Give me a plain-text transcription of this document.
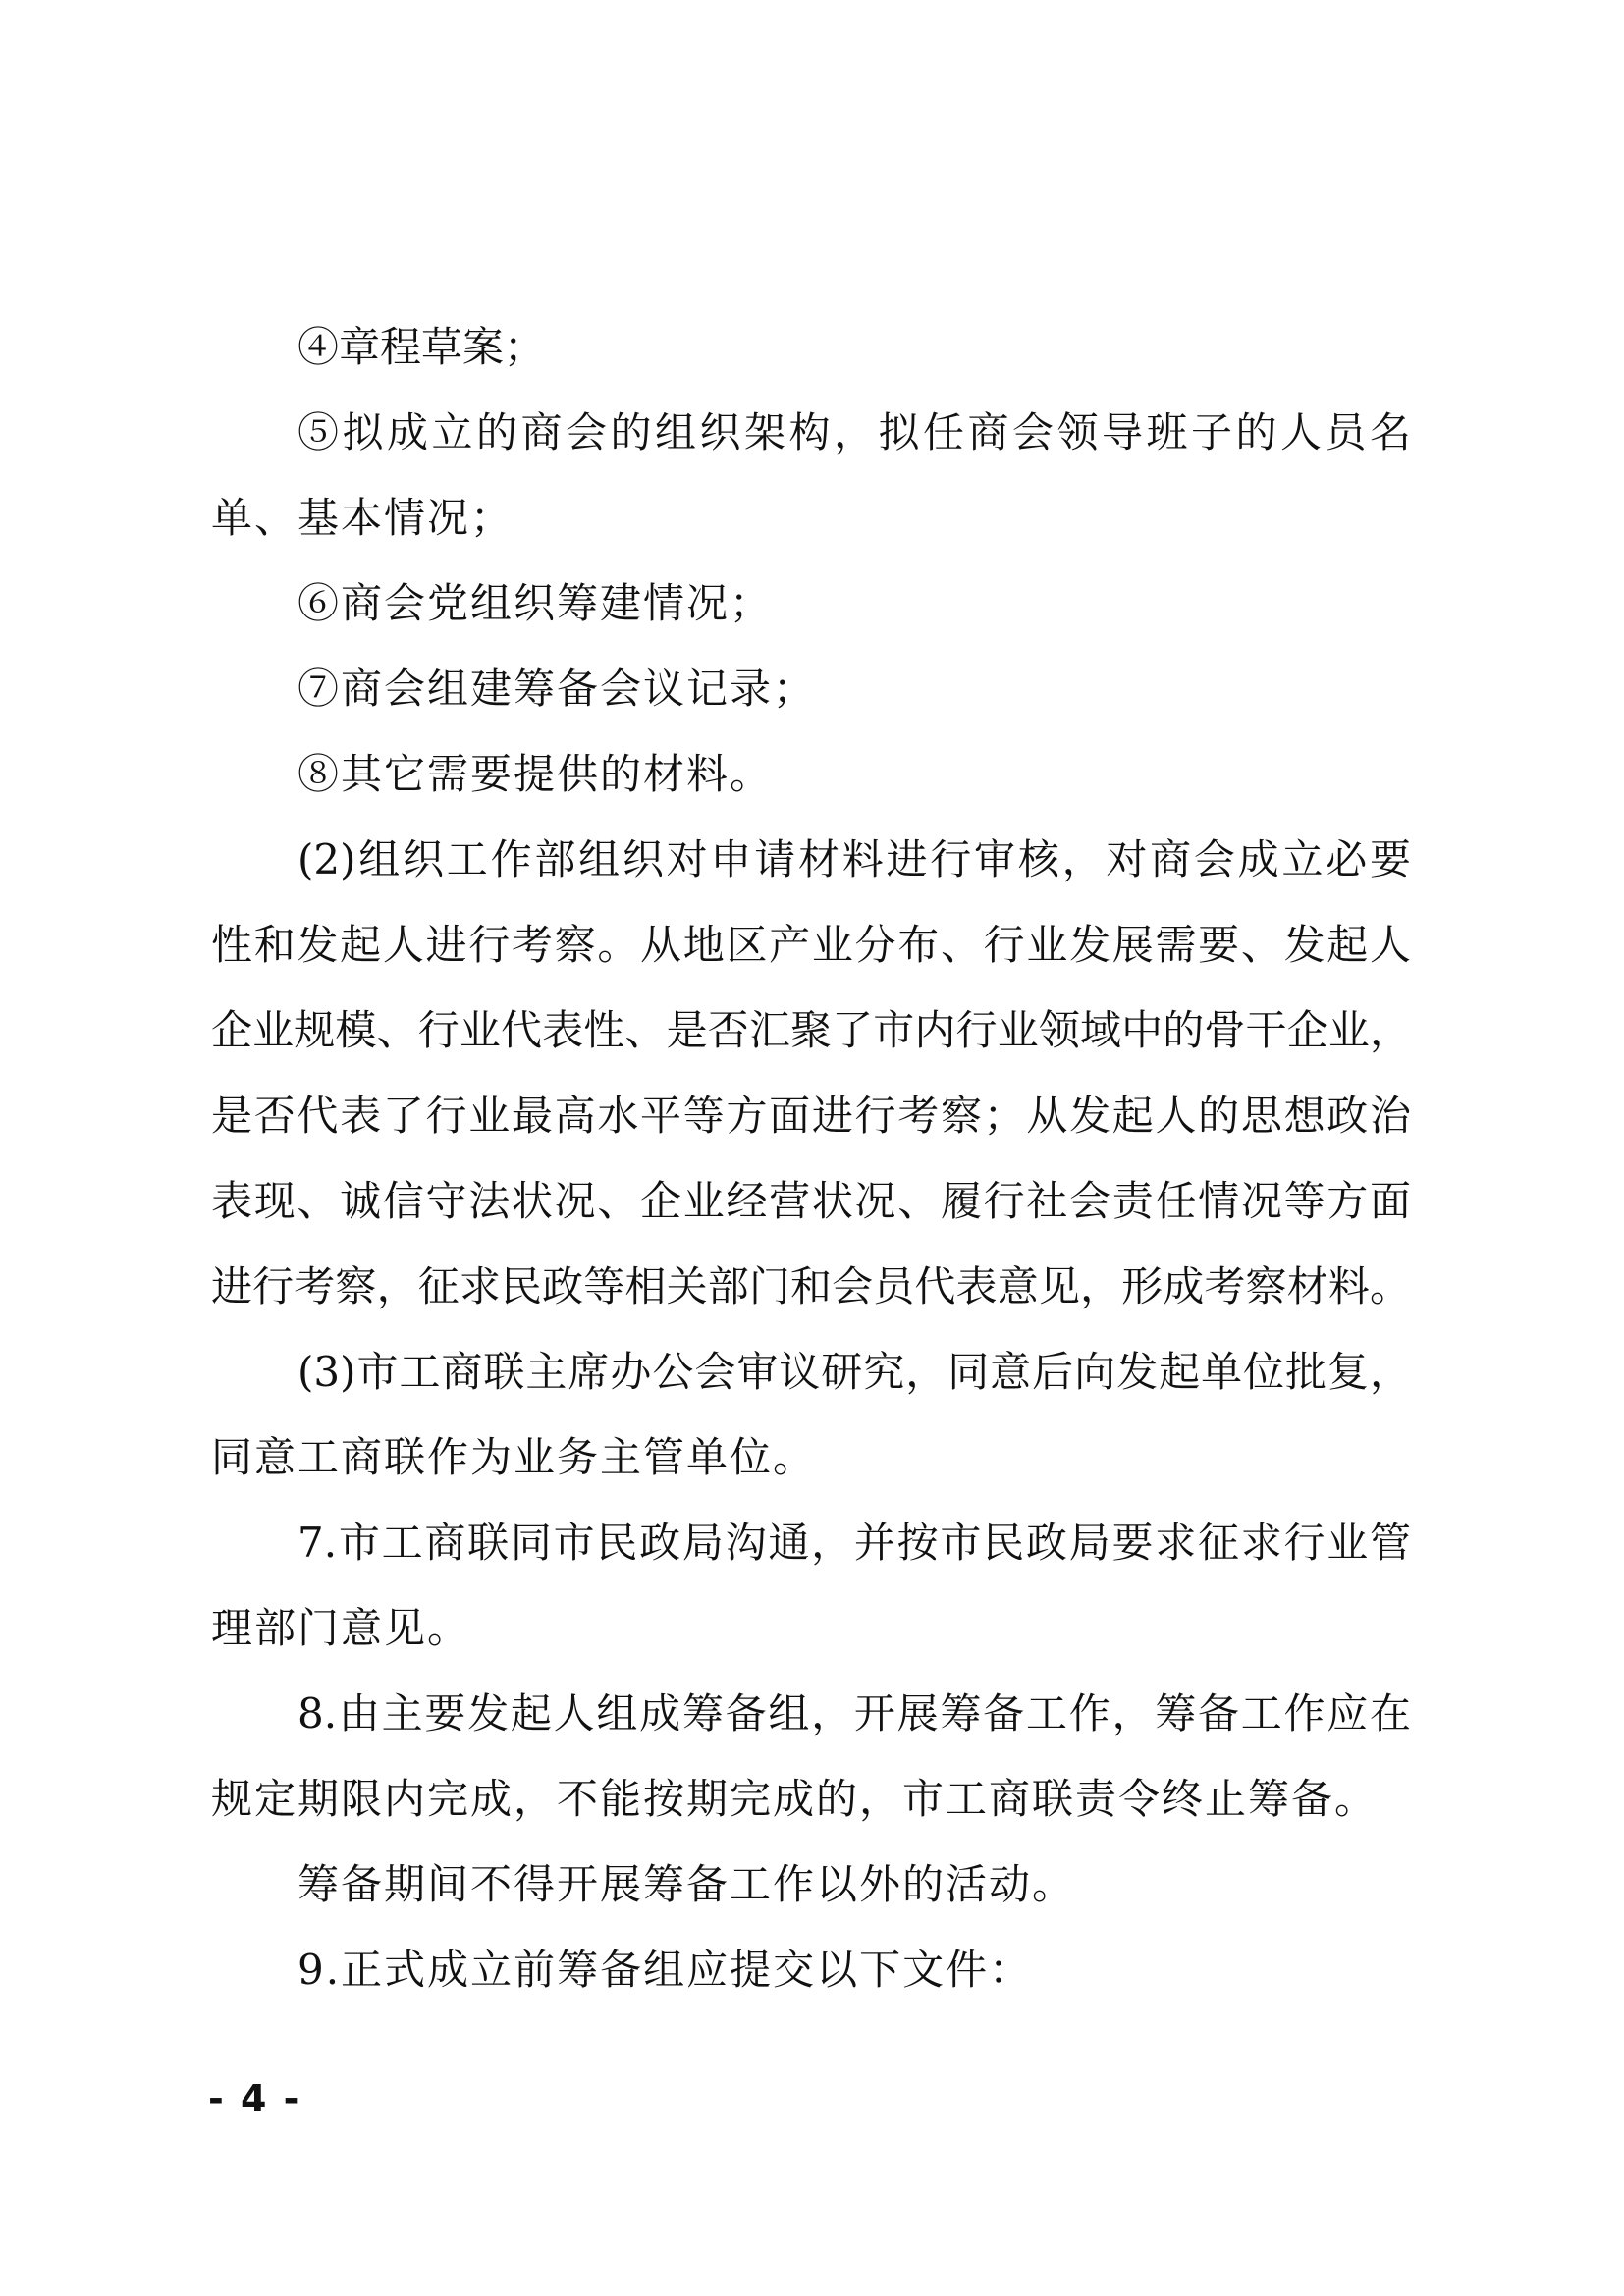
④章程草案；
⑤拟成立的商会的组织架构，拟任商会领导班子的人员名
单、基本情况；
⑥商会党组织筹建情况；
⑦商会组建筹备会议记录；
⑧其它需要提供的材料。
(2)组织工作部组织对申请材料进行审核，对商会成立必要
性和发起人进行考察。从地区产业分布、行业发展需要、发起人
企业规模、行业代表性、是否汇聚了市内行业领域中的骨干企业，
是否代表了行业最高水平等方面进行考察；从发起人的思想政治
表现、诚信守法状况、企业经营状况、履行社会责任情况等方面
进行考察，征求民政等相关部门和会员代表意见，形成考察材料。
(3)市工商联主席办公会审议研究，同意后向发起单位批复，
同意工商联作为业务主管单位。
7.市工商联同市民政局沟通，并按市民政局要求征求行业管
理部门意见。
8.由主要发起人组成筹备组，开展筹备工作，筹备工作应在
规定期限内完成，不能按期完成的，市工商联责令终止筹备。
筹备期间不得开展筹备工作以外的活动。
9.正式成立前筹备组应提交以下文件：
- 4 -
